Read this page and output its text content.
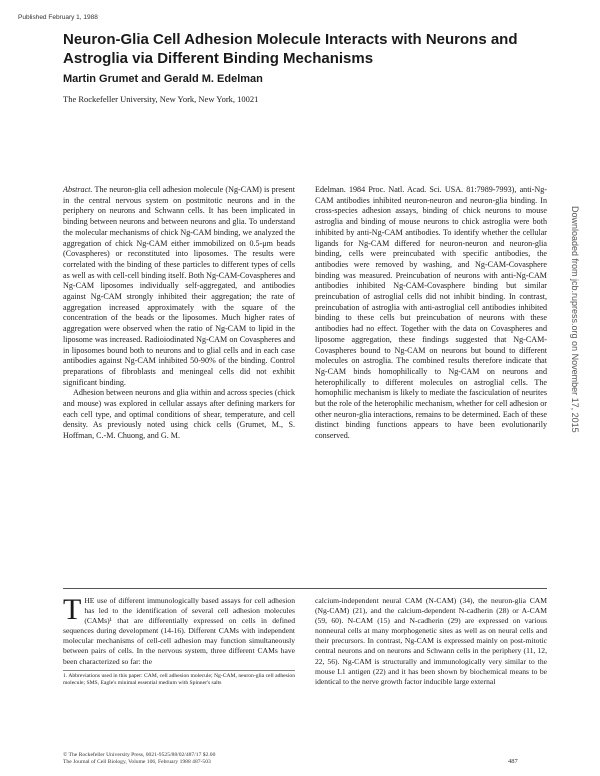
Published February 1, 1988
Neuron-Glia Cell Adhesion Molecule Interacts with Neurons and Astroglia via Different Binding Mechanisms
Martin Grumet and Gerald M. Edelman
The Rockefeller University, New York, New York, 10021

Abstract. The neuron-glia cell adhesion molecule (Ng-CAM) is present in the central nervous system on postmitotic neurons and in the periphery on neurons and Schwann cells. It has been implicated in binding between neurons and between neurons and glia. To understand the molecular mechanisms of chick Ng-CAM binding, we analyzed the aggregation of chick Ng-CAM either immobilized on 0.5-μm beads (Covaspheres) or reconstituted into liposomes. The results were correlated with the binding of these particles to different types of cells as well as with cell-cell binding itself. Both Ng-CAM-Covaspheres and Ng-CAM liposomes individually self-aggregated, and antibodies against Ng-CAM strongly inhibited their aggregation; the rate of aggregation increased approximately with the square of the concentration of the beads or the liposomes. Much higher rates of aggregation were observed when the ratio of Ng-CAM to lipid in the liposome was increased. Radioiodinated Ng-CAM on Covaspheres and in liposomes bound both to neurons and to glial cells and in each case antibodies against Ng-CAM inhibited 50-90% of the binding. Control preparations of fibroblasts and meningeal cells did not exhibit significant binding.

Adhesion between neurons and glia within and across species (chick and mouse) was explored in cellular assays after defining markers for each cell type, and optimal conditions of shear, temperature, and cell density. As previously noted using chick cells (Grumet, M., S. Hoffman, C.-M. Chuong, and G. M.

Edelman. 1984 Proc. Natl. Acad. Sci. USA. 81:7989-7993), anti-Ng-CAM antibodies inhibited neuron-neuron and neuron-glia binding. In cross-species adhesion assays, binding of chick neurons to mouse astroglia and binding of mouse neurons to chick astroglia were both inhibited by anti-Ng-CAM antibodies. To identify whether the cellular ligands for Ng-CAM differed for neuron-neuron and neuron-glia binding, cells were preincubated with specific antibodies, the antibodies were removed by washing, and Ng-CAM-Covasphere binding was measured. Preincubation of neurons with anti-Ng-CAM antibodies inhibited Ng-CAM-Covasphere binding but similar preincubation of astroglial cells did not inhibit binding. In contrast, preincubation of astroglia with anti-astroglial cell antibodies inhibited binding to these cells but preincubation of neurons with these antibodies had no effect. Together with the data on Covaspheres and liposome aggregation, these findings suggested that Ng-CAM-Covaspheres bound to Ng-CAM on neurons but bound to different molecules on astroglia. The combined results therefore indicate that Ng-CAM binds homophilically to Ng-CAM on neurons and heterophilically to different molecules on astroglial cells. The homophilic mechanism is likely to mediate the fasciculation of neurites but the role of the heterophilic mechanism, whether for cell adhesion or other neuron-glia interactions, remains to be determined. Each of these distinct binding functions appears to have been evolutionarily conserved.

THE use of different immunologically based assays for cell adhesion has led to the identification of several cell adhesion molecules (CAMs)¹ that are differentially expressed on cells in defined sequences during development (14-16). Different CAMs with independent molecular mechanisms of cell-cell adhesion may function simultaneously between pairs of cells. In the nervous system, three different CAMs have been characterized so far: the

1. Abbreviations used in this paper: CAM, cell adhesion molecule; Ng-CAM, neuron-glia cell adhesion molecule; SMS, Eagle's minimal essential medium with Spinner's salts

calcium-independent neural CAM (N-CAM) (34), the neuron-glia CAM (Ng-CAM) (21), and the calcium-dependent N-cadherin (28) or A-CAM (59, 60). N-CAM (15) and N-cadherin (29) are expressed on various nonneural cells at many morphogenetic sites as well as on neural cells and their precursors. In contrast, Ng-CAM is expressed mainly on post-mitotic central neurons and on neurons and Schwann cells in the periphery (11, 12, 22, 56). Ng-CAM is structurally and immunologically very similar to the mouse L1 antigen (22) and it has been shown by biochemical means to be identical to the nerve growth factor inducible large external

© The Rockefeller University Press, 0021-9525/88/02/487/17 $2.00
The Journal of Cell Biology, Volume 106, February 1988 487-503	487
Downloaded from jcb.rupress.org on November 17, 2015
